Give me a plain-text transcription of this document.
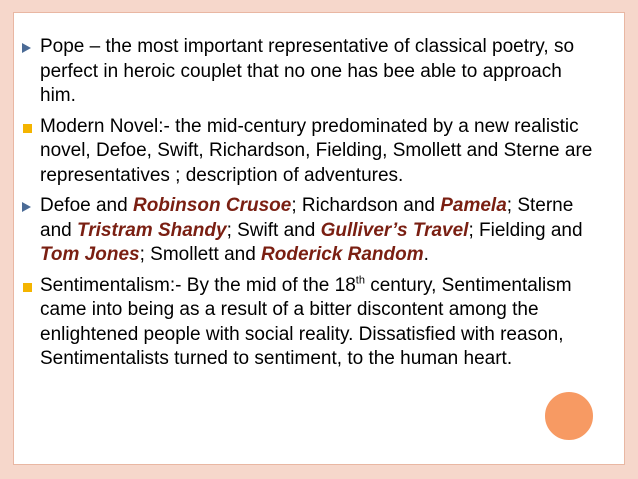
Pope – the most important representative of classical poetry, so perfect in heroic couplet that no one has bee able to approach him.
Modern Novel:- the mid-century predominated by a new realistic novel, Defoe, Swift, Richardson, Fielding, Smollett and Sterne are representatives ; description of adventures.
Defoe and Robinson Crusoe; Richardson and Pamela; Sterne and Tristram Shandy; Swift and Gulliver’s Travel; Fielding and Tom Jones; Smollett and Roderick Random.
Sentimentalism:- By the mid of the 18th century, Sentimentalism came into being as a result of a bitter discontent among the enlightened people with social reality. Dissatisfied with reason, Sentimentalists turned to sentiment, to the human heart.
